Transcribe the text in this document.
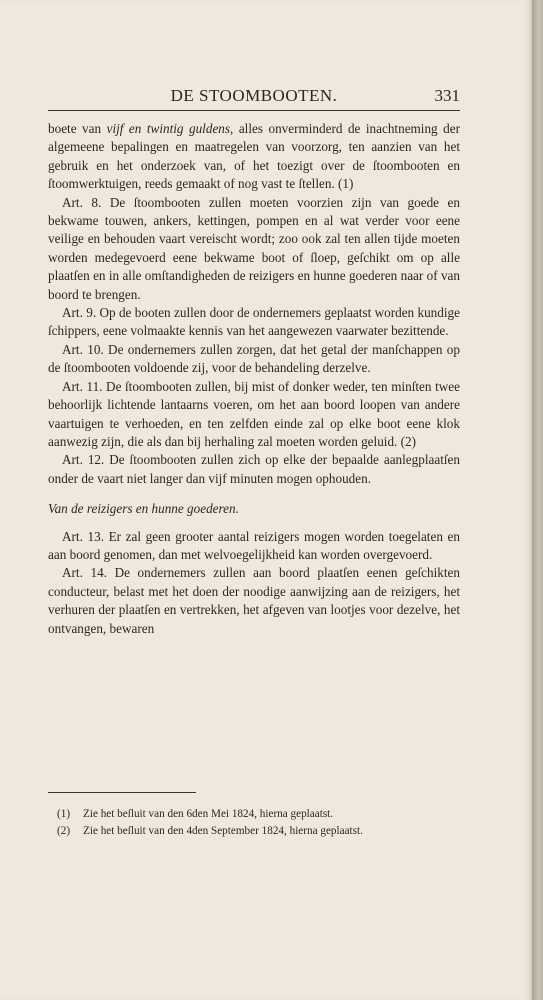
DE STOOMBOOTEN.	331

boete van vijf en twintig guldens, alles onverminderd de inachtneming der algemeene bepalingen en maatregelen van voorzorg, ten aanzien van het gebruik en het onderzoek van, of het toezigt over de ſtoombooten en ſtoomwerktuigen, reeds gemaakt of nog vast te ſtellen. (1)

Art. 8. De ſtoombooten zullen moeten voorzien zijn van goede en bekwame touwen, ankers, kettingen, pompen en al wat verder voor eene veilige en behouden vaart vereischt wordt; zoo ook zal ten allen tijde moeten worden medegevoerd eene bekwame boot of ſloep, geſchikt om op alle plaatſen en in alle omſtandigheden de reizigers en hunne goederen naar of van boord te brengen.

Art. 9. Op de booten zullen door de ondernemers geplaatst worden kundige ſchippers, eene volmaakte kennis van het aangewezen vaarwater bezittende.

Art. 10. De ondernemers zullen zorgen, dat het getal der manſchappen op de ſtoombooten voldoende zij, voor de behandeling derzelve.

Art. 11. De ſtoombooten zullen, bij mist of donker weder, ten minſten twee behoorlijk lichtende lantaarns voeren, om het aan boord loopen van andere vaartuigen te verhoeden, en ten zelfden einde zal op elke boot eene klok aanwezig zijn, die als dan bij herhaling zal moeten worden geluid. (2)

Art. 12. De ſtoombooten zullen zich op elke der bepaalde aanlegplaatſen onder de vaart niet langer dan vijf minuten mogen ophouden.

Van de reizigers en hunne goederen.

Art. 13. Er zal geen grooter aantal reizigers mogen worden toegelaten en aan boord genomen, dan met welvoegelijkheid kan worden overgevoerd.

Art. 14. De ondernemers zullen aan boord plaatſen eenen geſchikten conducteur, belast met het doen der noodige aanwijzing aan de reizigers, het verhuren der plaatſen en vertrekken, het afgeven van lootjes voor dezelve, het ontvangen, bewaren

(1) Zie het beſluit van den 6den Mei 1824, hierna geplaatst.

(2) Zie het beſluit van den 4den September 1824, hierna geplaatst.
